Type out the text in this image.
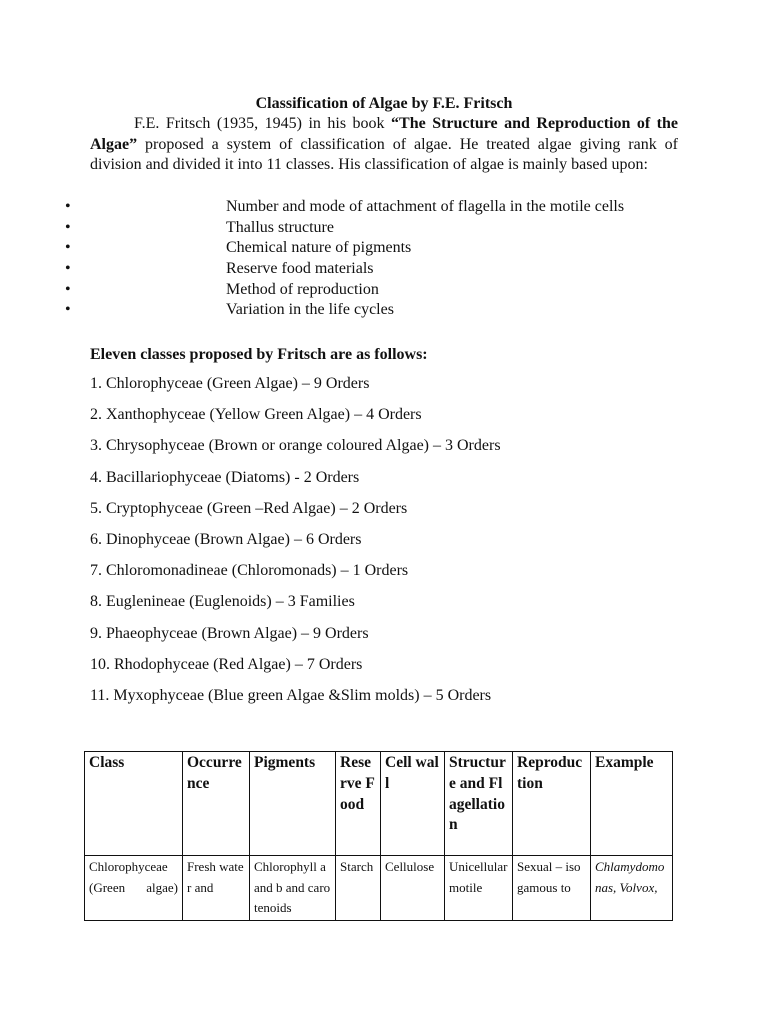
Classification of Algae by F.E. Fritsch
F.E. Fritsch (1935, 1945) in his book “The Structure and Reproduction of the Algae” proposed a system of classification of algae. He treated algae giving rank of division and divided it into 11 classes. His classification of algae is mainly based upon:
•	Number and mode of attachment of flagella in the motile cells
•	Thallus structure
•	Chemical nature of pigments
•	Reserve food materials
•	Method of reproduction
•	Variation in the life cycles
Eleven classes proposed by Fritsch are as follows:
1. Chlorophyceae (Green Algae) – 9 Orders
2. Xanthophyceae (Yellow Green Algae) – 4 Orders
3. Chrysophyceae (Brown or orange coloured Algae) – 3 Orders
4. Bacillariophyceae (Diatoms) - 2 Orders
5. Cryptophyceae (Green –Red Algae) – 2 Orders
6. Dinophyceae (Brown Algae) – 6 Orders
7. Chloromonadineae (Chloromonads) – 1 Orders
8. Euglenineae (Euglenoids) – 3 Families
9. Phaeophyceae (Brown Algae) – 9 Orders
10. Rhodophyceae (Red Algae) – 7 Orders
11. Myxophyceae (Blue green Algae &Slim molds) – 5 Orders
Class	Occurrence	Pigments	Reserve Food	Cell wall	Structure and Flagellation	Reproduction	Example
Chlorophyceae (Green algae)	Fresh water and	Chlorophyll a and b and carotenoids	Starch	Cellulose	Unicellular motile	Sexual – isogamous to	Chlamydomonas, Volvox,
